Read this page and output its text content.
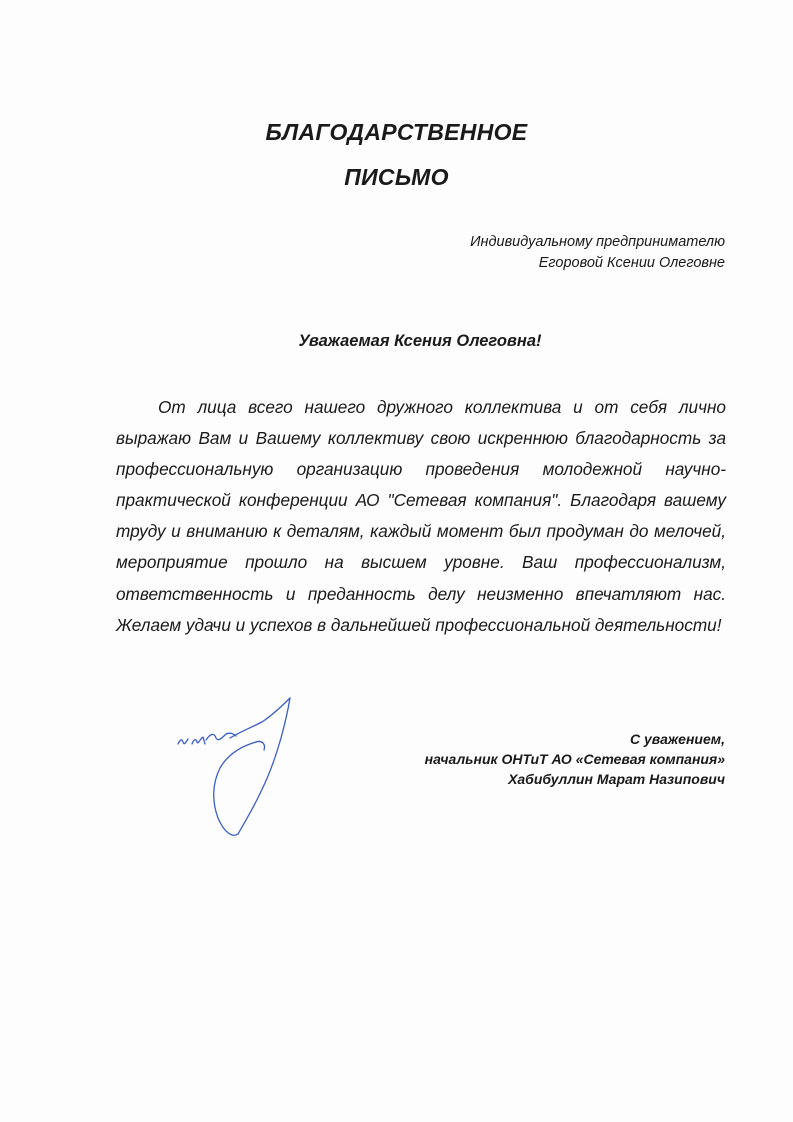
БЛАГОДАРСТВЕННОЕ
ПИСЬМО
Индивидуальному предпринимателю
Егоровой Ксении Олеговне
Уважаемая Ксения Олеговна!

От лица всего нашего дружного коллектива и от себя лично выражаю Вам и Вашему коллективу свою искреннюю благодарность за профессиональную организацию проведения молодежной научно-практической конференции АО "Сетевая компания". Благодаря вашему труду и вниманию к деталям, каждый момент был продуман до мелочей, мероприятие прошло на высшем уровне. Ваш профессионализм, ответственность и преданность делу неизменно впечатляют нас. Желаем удачи и успехов в дальнейшей профессиональной деятельности!

С уважением,
начальник ОНТиТ АО «Сетевая компания»
Хабибуллин Марат Назипович
